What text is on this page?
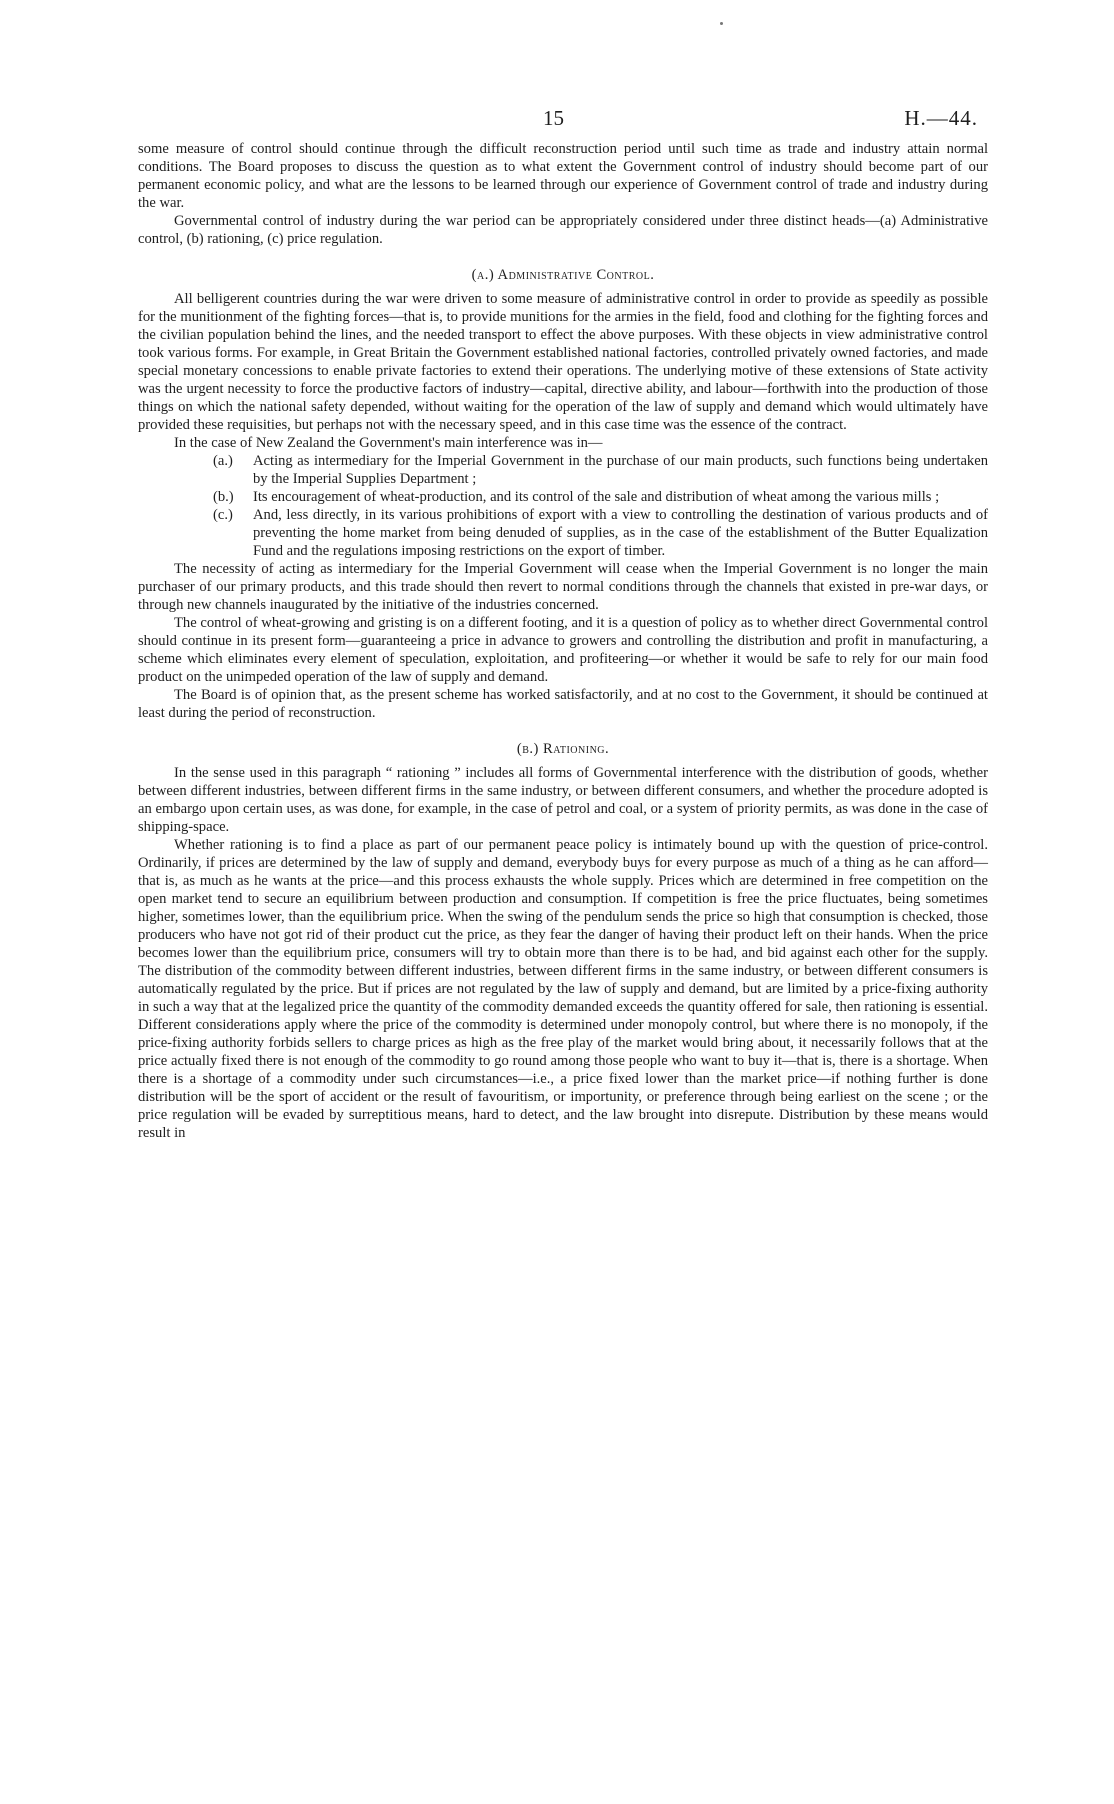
15	H.—44.

some measure of control should continue through the difficult reconstruction period until such time as trade and industry attain normal conditions. The Board proposes to discuss the question as to what extent the Government control of industry should become part of our permanent economic policy, and what are the lessons to be learned through our experience of Government control of trade and industry during the war.

Governmental control of industry during the war period can be appropriately considered under three distinct heads—(a) Administrative control, (b) rationing, (c) price regulation.

(a.) Administrative Control.

All belligerent countries during the war were driven to some measure of administrative control in order to provide as speedily as possible for the munitionment of the fighting forces—that is, to provide munitions for the armies in the field, food and clothing for the fighting forces and the civilian population behind the lines, and the needed transport to effect the above purposes. With these objects in view administrative control took various forms. For example, in Great Britain the Government established national factories, controlled privately owned factories, and made special monetary concessions to enable private factories to extend their operations. The underlying motive of these extensions of State activity was the urgent necessity to force the productive factors of industry—capital, directive ability, and labour—forthwith into the production of those things on which the national safety depended, without waiting for the operation of the law of supply and demand which would ultimately have provided these requisities, but perhaps not with the necessary speed, and in this case time was the essence of the contract.

In the case of New Zealand the Government's main interference was in—

(a.)	Acting as intermediary for the Imperial Government in the purchase of our main products, such functions being undertaken by the Imperial Supplies Department ;
(b.)	Its encouragement of wheat-production, and its control of the sale and distribution of wheat among the various mills ;
(c.)	And, less directly, in its various prohibitions of export with a view to controlling the destination of various products and of preventing the home market from being denuded of supplies, as in the case of the establishment of the Butter Equalization Fund and the regulations imposing restrictions on the export of timber.

The necessity of acting as intermediary for the Imperial Government will cease when the Imperial Government is no longer the main purchaser of our primary products, and this trade should then revert to normal conditions through the channels that existed in pre-war days, or through new channels inaugurated by the initiative of the industries concerned.

The control of wheat-growing and gristing is on a different footing, and it is a question of policy as to whether direct Governmental control should continue in its present form—guaranteeing a price in advance to growers and controlling the distribution and profit in manufacturing, a scheme which eliminates every element of speculation, exploitation, and profiteering—or whether it would be safe to rely for our main food product on the unimpeded operation of the law of supply and demand.

The Board is of opinion that, as the present scheme has worked satisfactorily, and at no cost to the Government, it should be continued at least during the period of reconstruction.

(b.) Rationing.

In the sense used in this paragraph “ rationing ” includes all forms of Governmental interference with the distribution of goods, whether between different industries, between different firms in the same industry, or between different consumers, and whether the procedure adopted is an embargo upon certain uses, as was done, for example, in the case of petrol and coal, or a system of priority permits, as was done in the case of shipping-space.

Whether rationing is to find a place as part of our permanent peace policy is intimately bound up with the question of price-control. Ordinarily, if prices are determined by the law of supply and demand, everybody buys for every purpose as much of a thing as he can afford—that is, as much as he wants at the price—and this process exhausts the whole supply. Prices which are determined in free competition on the open market tend to secure an equilibrium between production and consumption. If competition is free the price fluctuates, being sometimes higher, sometimes lower, than the equilibrium price. When the swing of the pendulum sends the price so high that consumption is checked, those producers who have not got rid of their product cut the price, as they fear the danger of having their product left on their hands. When the price becomes lower than the equilibrium price, consumers will try to obtain more than there is to be had, and bid against each other for the supply. The distribution of the commodity between different industries, between different firms in the same industry, or between different consumers is automatically regulated by the price. But if prices are not regulated by the law of supply and demand, but are limited by a price-fixing authority in such a way that at the legalized price the quantity of the commodity demanded exceeds the quantity offered for sale, then rationing is essential. Different considerations apply where the price of the commodity is determined under monopoly control, but where there is no monopoly, if the price-fixing authority forbids sellers to charge prices as high as the free play of the market would bring about, it necessarily follows that at the price actually fixed there is not enough of the commodity to go round among those people who want to buy it—that is, there is a shortage. When there is a shortage of a commodity under such circumstances—i.e., a price fixed lower than the market price—if nothing further is done distribution will be the sport of accident or the result of favouritism, or importunity, or preference through being earliest on the scene ; or the price regulation will be evaded by surreptitious means, hard to detect, and the law brought into disrepute. Distribution by these means would result in
